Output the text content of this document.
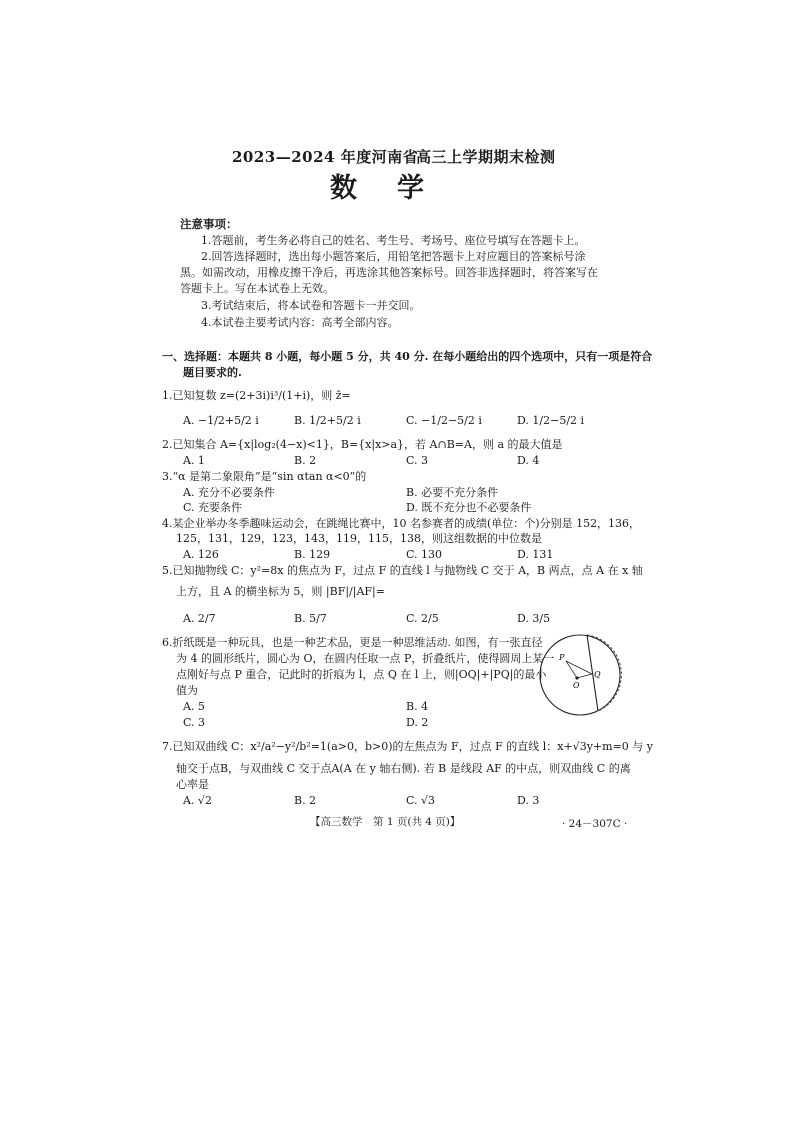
2023—2024 年度河南省
高三上学期期末检测
数学
注意事项：
1.答题前，考生务必将自己的姓名、考生号、考场号、座位号填写在答题卡上。
2.回答选择题时，选出每小题答案后，用铅笔把答题卡上对应题目的答案标号涂
黑。如需改动，用橡皮擦干净后，再选涂其他答案标号。回答非选择题时，将答案写在
答题卡上。写在本试卷上无效。
3.考试结束后，将本试卷和答题卡一并交回。
4.本试卷主要考试内容：高考全部内容。
一、选择题：本题共 8 小题，每小题 5 分，共 40 分. 在每小题给出的四个选项中，只有一项是符合
题目要求的.
1.已知复数 z=(2+3i)i³/(1+i)，则 z̄=
A. −1/2+5/2 i	B. 1/2+5/2 i	C. −1/2−5/2 i	D. 1/2−5/2 i
2.已知集合 A={x|log₂(4−x)<1}，B={x|x>a}，若 A∩B=A，则 a 的最大值是
A. 1	B. 2	C. 3	D. 4
3.“α 是第二象限角”是“sin αtan α<0”的
A. 充分不必要条件	B. 必要不充分条件
C. 充要条件	D. 既不充分也不必要条件
4.某企业举办冬季趣味运动会，在跳绳比赛中，10 名参赛者的成绩(单位：个)分别是 152，136，
125，131，129，123，143，119，115，138，则这组数据的中位数是
A. 126	B. 129	C. 130	D. 131
5.已知抛物线 C：y²=8x 的焦点为 F，过点 F 的直线 l 与抛物线 C 交于 A，B 两点，点 A 在 x 轴
上方，且 A 的横坐标为 5，则 |BF|/|AF|=
A. 2/7	B. 5/7	C. 2/5	D. 3/5
6.折纸既是一种玩具，也是一种艺术品，更是一种思维活动. 如图，有一张直径
为 4 的圆形纸片，圆心为 O，在圆内任取一点 P，折叠纸片，使得圆周上某一
点刚好与点 P 重合，记此时的折痕为 l，点 Q 在 l 上，则|OQ|+|PQ|的最小
值为
A. 5	B. 4
C. 3	D. 2
P
Q
O
7.已知双曲线 C：x²/a²−y²/b²=1(a>0，b>0)的左焦点为 F，过点 F 的直线 l：x+√3y+m=0 与 y
轴交于点B，与双曲线 C 交于点A(A 在 y 轴右侧). 若 B 是线段 AF 的中点，则双曲线 C 的离
心率是
A. √2	B. 2	C. √3	D. 3
【高三数学　第 1 页(共 4 页)】	· 24－307C ·
